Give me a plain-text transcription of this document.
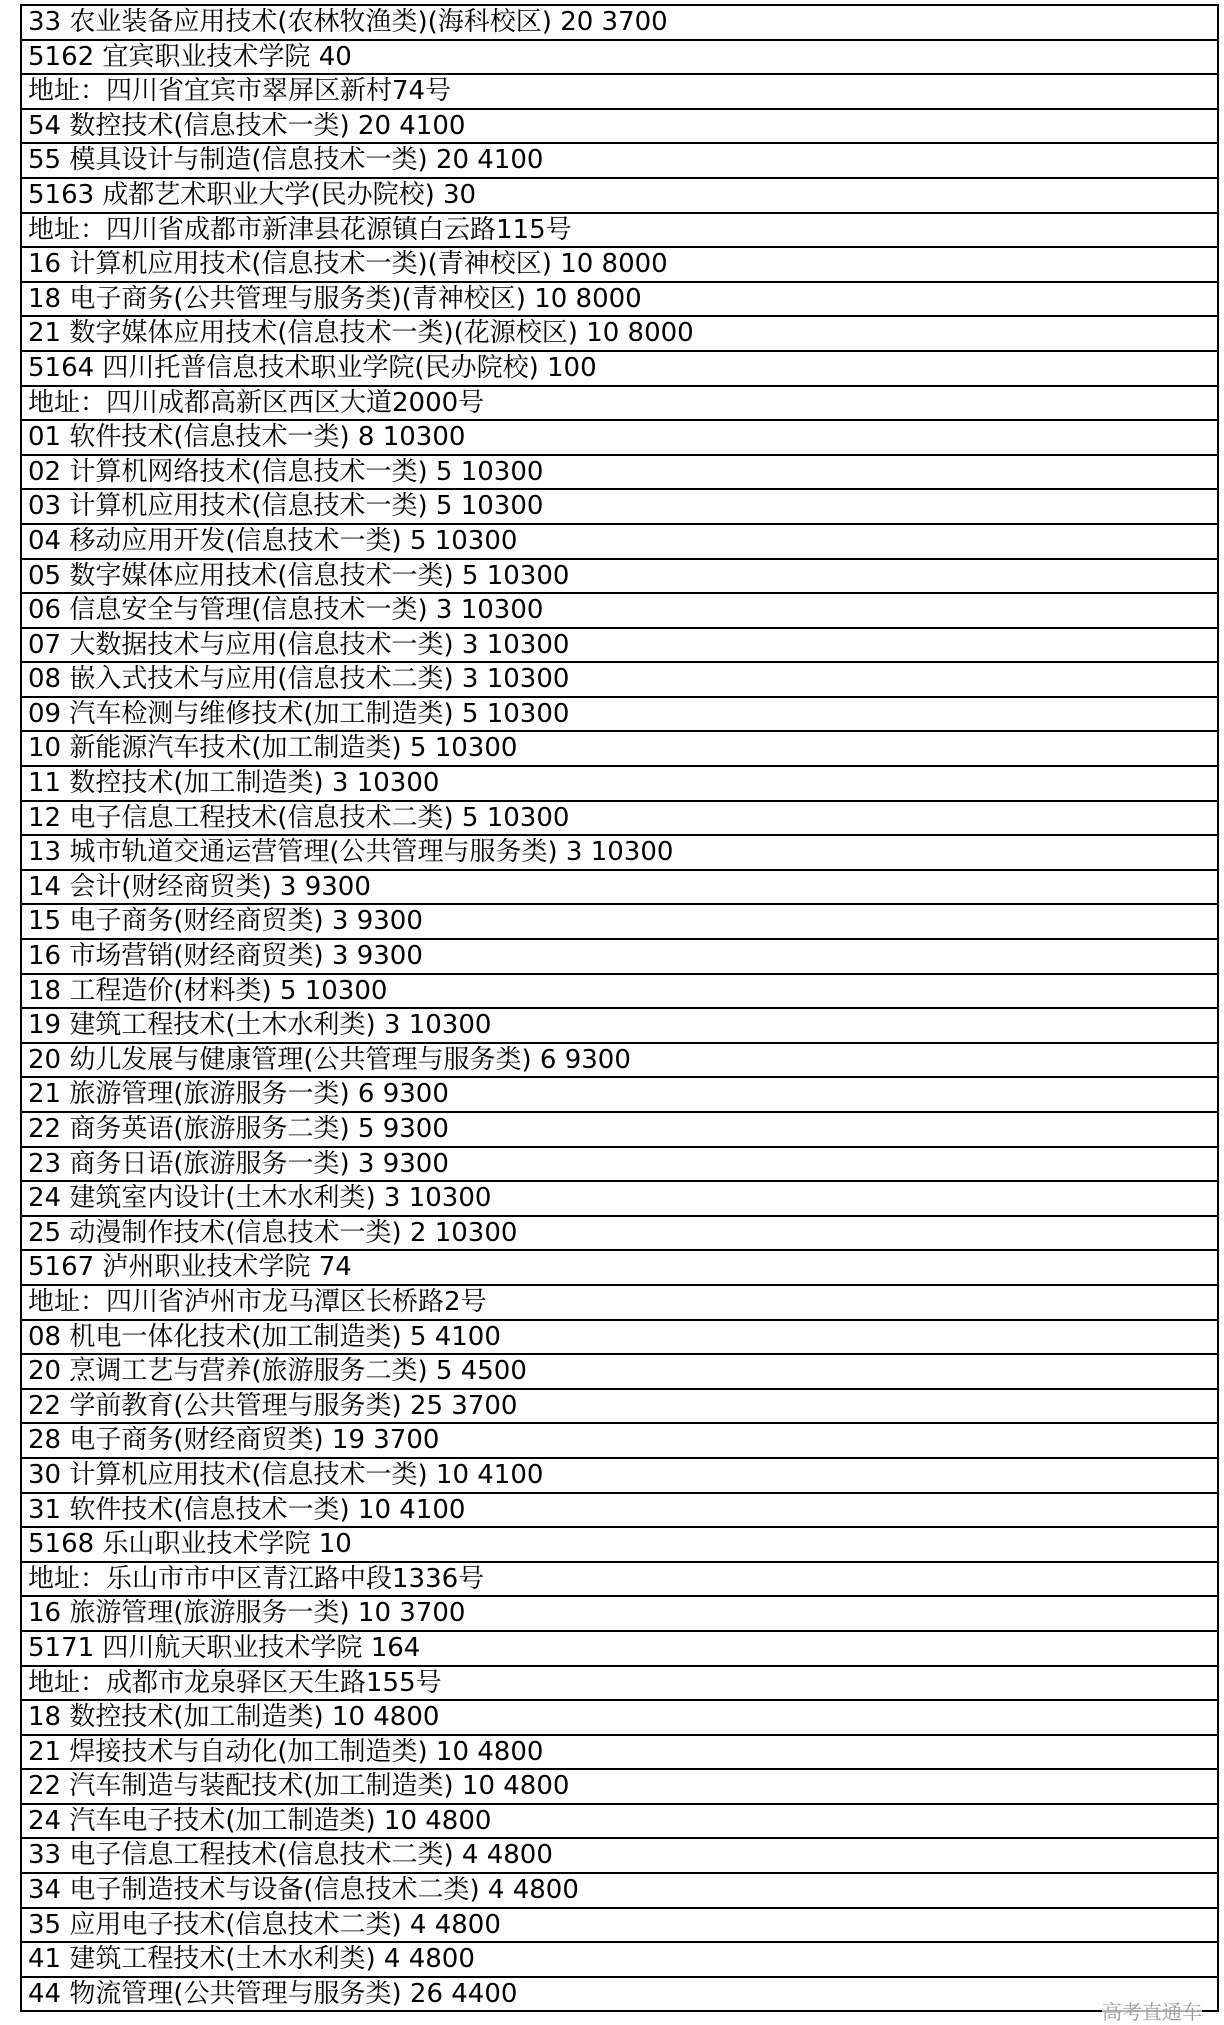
33 农业装备应用技术(农林牧渔类)(海科校区) 20 3700
5162 宜宾职业技术学院 40
地址：四川省宜宾市翠屏区新村74号
54 数控技术(信息技术一类) 20 4100
55 模具设计与制造(信息技术一类) 20 4100
5163 成都艺术职业大学(民办院校) 30
地址：四川省成都市新津县花源镇白云路115号
16 计算机应用技术(信息技术一类)(青神校区) 10 8000
18 电子商务(公共管理与服务类)(青神校区) 10 8000
21 数字媒体应用技术(信息技术一类)(花源校区) 10 8000
5164 四川托普信息技术职业学院(民办院校) 100
地址：四川成都高新区西区大道2000号
01 软件技术(信息技术一类) 8 10300
02 计算机网络技术(信息技术一类) 5 10300
03 计算机应用技术(信息技术一类) 5 10300
04 移动应用开发(信息技术一类) 5 10300
05 数字媒体应用技术(信息技术一类) 5 10300
06 信息安全与管理(信息技术一类) 3 10300
07 大数据技术与应用(信息技术一类) 3 10300
08 嵌入式技术与应用(信息技术二类) 3 10300
09 汽车检测与维修技术(加工制造类) 5 10300
10 新能源汽车技术(加工制造类) 5 10300
11 数控技术(加工制造类) 3 10300
12 电子信息工程技术(信息技术二类) 5 10300
13 城市轨道交通运营管理(公共管理与服务类) 3 10300
14 会计(财经商贸类) 3 9300
15 电子商务(财经商贸类) 3 9300
16 市场营销(财经商贸类) 3 9300
18 工程造价(材料类) 5 10300
19 建筑工程技术(土木水利类) 3 10300
20 幼儿发展与健康管理(公共管理与服务类) 6 9300
21 旅游管理(旅游服务一类) 6 9300
22 商务英语(旅游服务二类) 5 9300
23 商务日语(旅游服务一类) 3 9300
24 建筑室内设计(土木水利类) 3 10300
25 动漫制作技术(信息技术一类) 2 10300
5167 泸州职业技术学院 74
地址：四川省泸州市龙马潭区长桥路2号
08 机电一体化技术(加工制造类) 5 4100
20 烹调工艺与营养(旅游服务二类) 5 4500
22 学前教育(公共管理与服务类) 25 3700
28 电子商务(财经商贸类) 19 3700
30 计算机应用技术(信息技术一类) 10 4100
31 软件技术(信息技术一类) 10 4100
5168 乐山职业技术学院 10
地址：乐山市市中区青江路中段1336号
16 旅游管理(旅游服务一类) 10 3700
5171 四川航天职业技术学院 164
地址：成都市龙泉驿区天生路155号
18 数控技术(加工制造类) 10 4800
21 焊接技术与自动化(加工制造类) 10 4800
22 汽车制造与装配技术(加工制造类) 10 4800
24 汽车电子技术(加工制造类) 10 4800
33 电子信息工程技术(信息技术二类) 4 4800
34 电子制造技术与设备(信息技术二类) 4 4800
35 应用电子技术(信息技术二类) 4 4800
41 建筑工程技术(土木水利类) 4 4800
44 物流管理(公共管理与服务类) 26 4400
高考直通车
